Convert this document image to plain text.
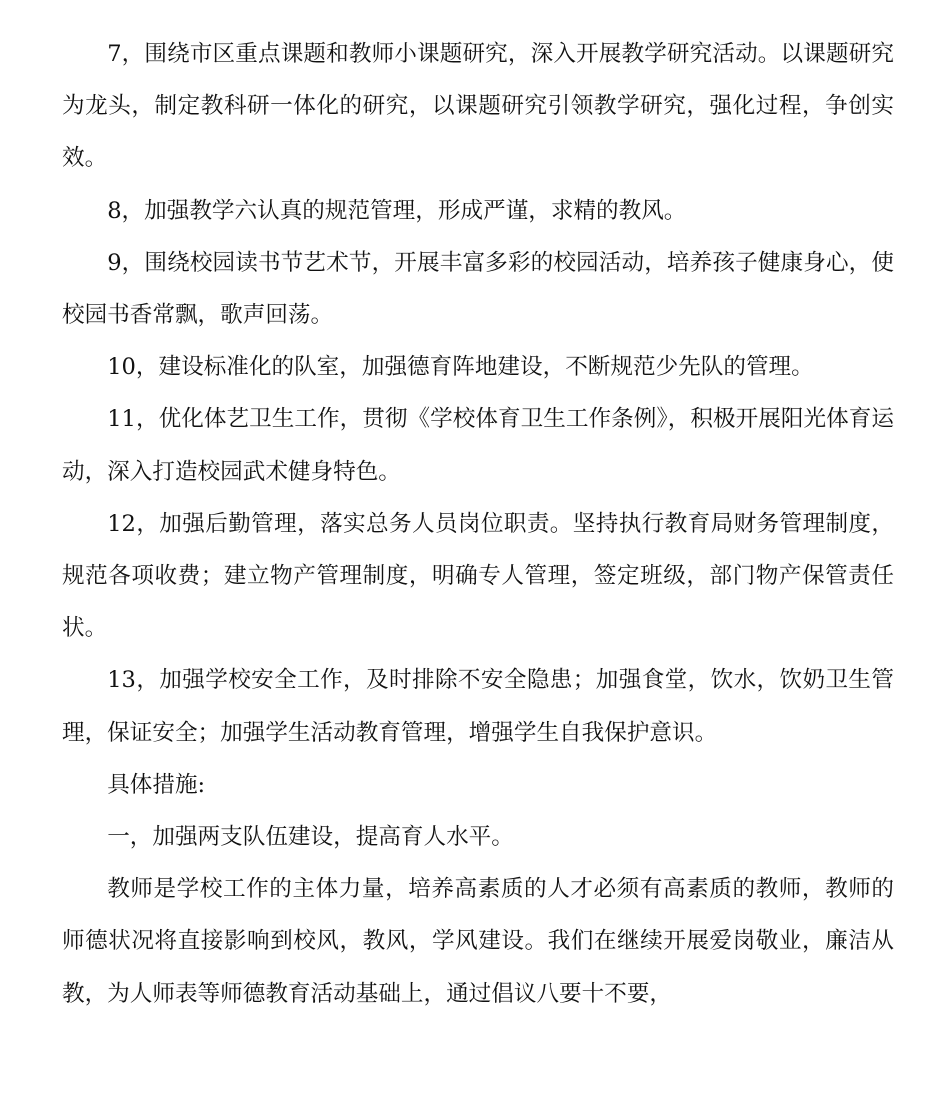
7，围绕市区重点课题和教师小课题研究，深入开展教学研究活动。以课题研究为龙头，制定教科研一体化的研究，以课题研究引领教学研究，强化过程，争创实效。

8，加强教学六认真的规范管理，形成严谨，求精的教风。

9，围绕校园读书节艺术节，开展丰富多彩的校园活动，培养孩子健康身心，使校园书香常飘，歌声回荡。

10，建设标准化的队室，加强德育阵地建设，不断规范少先队的管理。

11，优化体艺卫生工作，贯彻《学校体育卫生工作条例》，积极开展阳光体育运动，深入打造校园武术健身特色。

12，加强后勤管理，落实总务人员岗位职责。坚持执行教育局财务管理制度，规范各项收费；建立物产管理制度，明确专人管理，签定班级，部门物产保管责任状。

13，加强学校安全工作，及时排除不安全隐患；加强食堂，饮水，饮奶卫生管理，保证安全；加强学生活动教育管理，增强学生自我保护意识。

具体措施:

一，加强两支队伍建设，提高育人水平。

教师是学校工作的主体力量，培养高素质的人才必须有高素质的教师，教师的师德状况将直接影响到校风，教风，学风建设。我们在继续开展爱岗敬业，廉洁从教，为人师表等师德教育活动基础上，通过倡议八要十不要，
